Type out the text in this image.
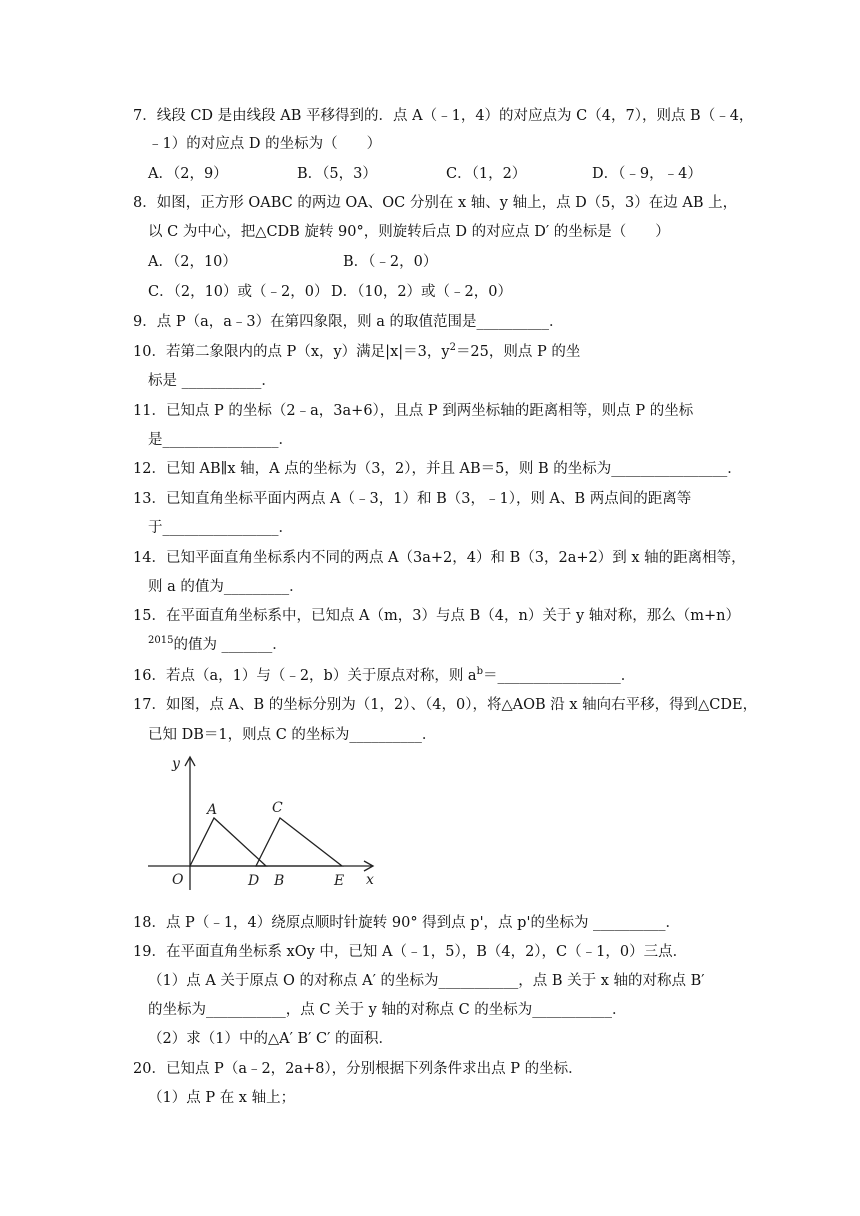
7．线段 CD 是由线段 AB 平移得到的．点 A（﹣1，4）的对应点为 C（4，7），则点 B（﹣4，
﹣1）的对应点 D 的坐标为（　　）
A．（2，9）	B．（5，3）	C．（1，2）	D．（﹣9，﹣4）
8．如图，正方形 OABC 的两边 OA、OC 分别在 x 轴、y 轴上，点 D（5，3）在边 AB 上，
以 C 为中心，把△CDB 旋转 90°，则旋转后点 D 的对应点 D′ 的坐标是（　　）
A．（2，10）	B．（﹣2，0）
C．（2，10）或（﹣2，0） D．（10，2）或（﹣2，0）
9．点 P（a，a﹣3）在第四象限，则 a 的取值范围是__________．
10．若第二象限内的点 P（x，y）满足|x|＝3，$y^2=25$，则点 P 的坐
标是 ___________．
11．已知点 P 的坐标（2﹣a，3a+6），且点 P 到两坐标轴的距离相等，则点 P 的坐标
是________________．
12．已知 AB∥x 轴，A 点的坐标为（3，2），并且 AB＝5，则 B 的坐标为________________．
13．已知直角坐标平面内两点 A（﹣3，1）和 B（3，﹣1），则 A、B 两点间的距离等
于________________．
14．已知平面直角坐标系内不同的两点 A（3a+2，4）和 B（3，2a+2）到 x 轴的距离相等，
则 a 的值为_________．
15．在平面直角坐标系中，已知点 A（m，3）与点 B（4，n）关于 y 轴对称，那么（m+n）
$^{2015}$的值为 _______．
16．若点（a，1）与（﹣2，b）关于原点对称，则 $a^b=\_\_\_\_\_\_\_\_\_\_\_\_\_\_\_\_\_$．
17．如图，点 A、B 的坐标分别为（1，2）、（4，0），将△AOB 沿 x 轴向右平移，得到△CDE，
已知 DB＝1，则点 C 的坐标为__________．
y
x
O
A	C
D B	E
18．点 P（﹣1，4）绕原点顺时针旋转 90° 得到点 p'，点 p'的坐标为 __________．
19．在平面直角坐标系 xOy 中，已知 A（﹣1，5），B（4，2），C（﹣1，0）三点．
（1）点 A 关于原点 O 的对称点 A′ 的坐标为___________，点 B 关于 x 轴的对称点 B′
的坐标为___________，点 C 关于 y 轴的对称点 C 的坐标为___________．
（2）求（1）中的△A′ B′ C′ 的面积．
20．已知点 P（a﹣2，2a+8），分别根据下列条件求出点 P 的坐标．
（1）点 P 在 x 轴上；
